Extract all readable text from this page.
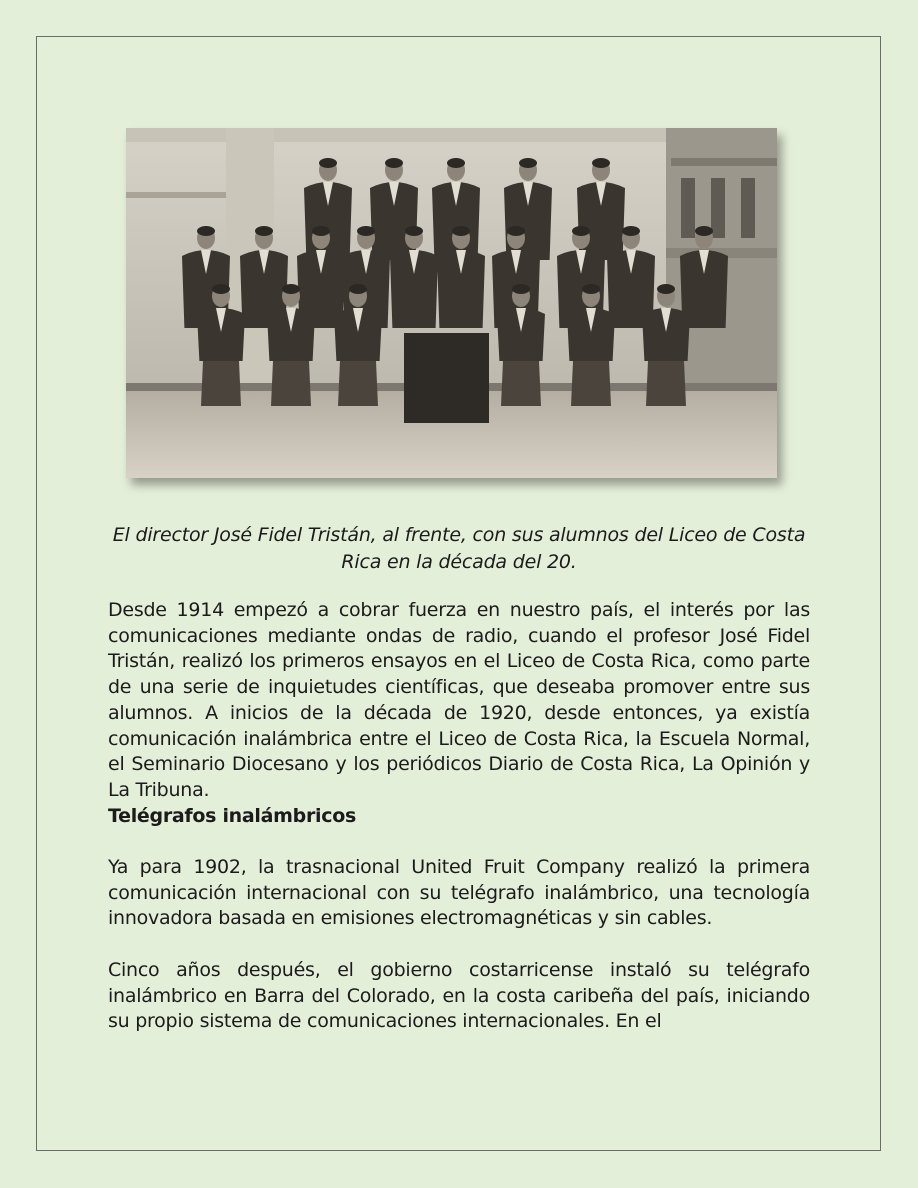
El director José Fidel Tristán, al frente, con sus alumnos del Liceo de Costa Rica en la década del 20.

Desde 1914 empezó a cobrar fuerza en nuestro país, el interés por las comunicaciones mediante ondas de radio, cuando el profesor José Fidel Tristán, realizó los primeros ensayos en el Liceo de Costa Rica, como parte de una serie de inquietudes científicas, que deseaba promover entre sus alumnos. A inicios de la década de 1920, desde entonces, ya existía comunicación inalámbrica entre el Liceo de Costa Rica, la Escuela Normal, el Seminario Diocesano y los periódicos Diario de Costa Rica, La Opinión y La Tribuna.

Telégrafos inalámbricos

Ya para 1902, la trasnacional United Fruit Company realizó la primera comunicación internacional con su telégrafo inalámbrico, una tecnología innovadora basada en emisiones electromagnéticas y sin cables.

Cinco años después, el gobierno costarricense instaló su telégrafo inalámbrico en Barra del Colorado, en la costa caribeña del país, iniciando su propio sistema de comunicaciones internacionales. En el
